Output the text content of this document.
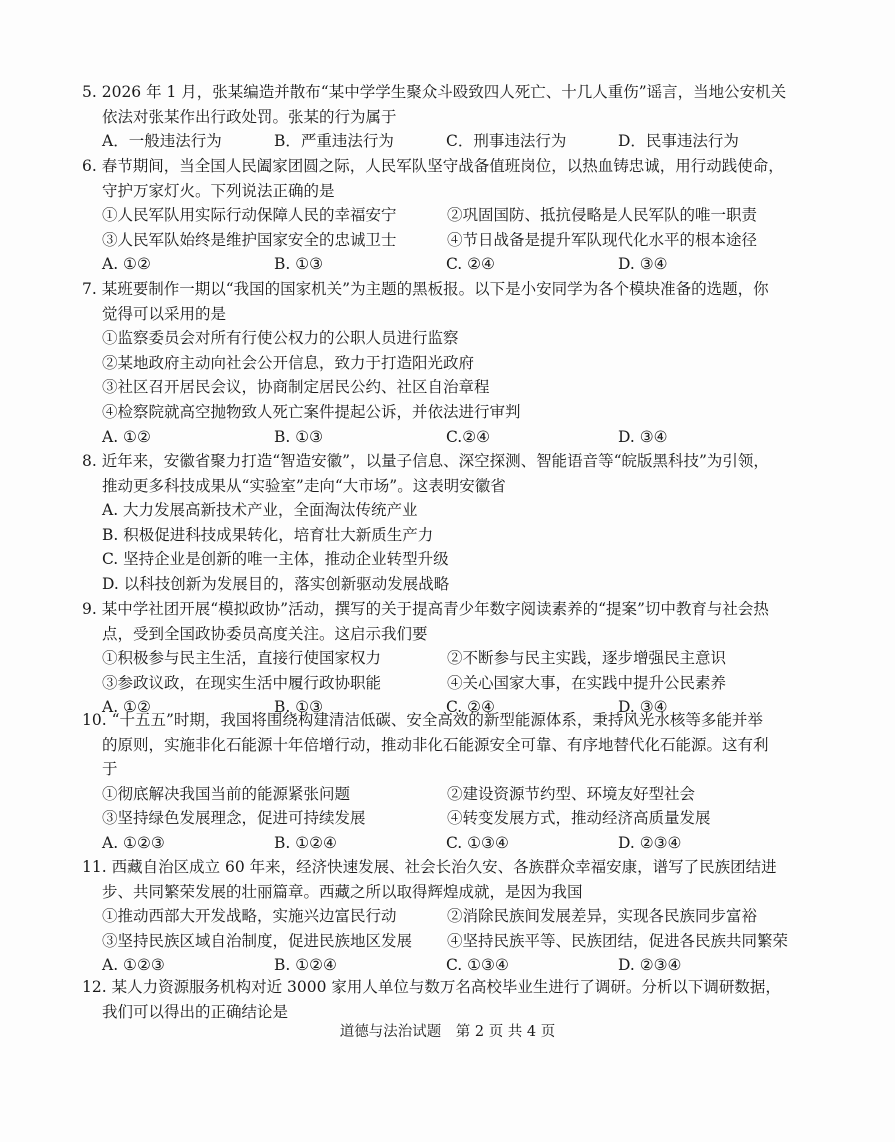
5. 2026 年 1 月，张某编造并散布“某中学学生聚众斗殴致四人死亡、十几人重伤”谣言，当地公安机关
依法对张某作出行政处罚。张某的行为属于
A．一般违法行为	B．严重违法行为	C．刑事违法行为	D．民事违法行为
6. 春节期间，当全国人民阖家团圆之际，人民军队坚守战备值班岗位，以热血铸忠诚，用行动践使命，
守护万家灯火。下列说法正确的是
①人民军队用实际行动保障人民的幸福安宁	②巩固国防、抵抗侵略是人民军队的唯一职责
③人民军队始终是维护国家安全的忠诚卫士	④节日战备是提升军队现代化水平的根本途径
A. ①②	B. ①③	C. ②④	D. ③④
7. 某班要制作一期以“我国的国家机关”为主题的黑板报。以下是小安同学为各个模块准备的选题，你
觉得可以采用的是
①监察委员会对所有行使公权力的公职人员进行监察
②某地政府主动向社会公开信息，致力于打造阳光政府
③社区召开居民会议，协商制定居民公约、社区自治章程
④检察院就高空抛物致人死亡案件提起公诉，并依法进行审判
A. ①②	B. ①③	C.②④	D. ③④
8. 近年来，安徽省聚力打造“智造安徽”，以量子信息、深空探测、智能语音等“皖版黑科技”为引领，
推动更多科技成果从“实验室”走向“大市场”。这表明安徽省
A. 大力发展高新技术产业，全面淘汰传统产业
B. 积极促进科技成果转化，培育壮大新质生产力
C. 坚持企业是创新的唯一主体，推动企业转型升级
D. 以科技创新为发展目的，落实创新驱动发展战略
9. 某中学社团开展“模拟政协”活动，撰写的关于提高青少年数字阅读素养的“提案”切中教育与社会热
点，受到全国政协委员高度关注。这启示我们要
①积极参与民主生活，直接行使国家权力	②不断参与民主实践，逐步增强民主意识
③参政议政，在现实生活中履行政协职能	④关心国家大事，在实践中提升公民素养
A. ①②	B. ①③	C. ②④	D. ③④
10. “十五五”时期，我国将围绕构建清洁低碳、安全高效的新型能源体系，秉持风光水核等多能并举
的原则，实施非化石能源十年倍增行动，推动非化石能源安全可靠、有序地替代化石能源。这有利
于
①彻底解决我国当前的能源紧张问题	②建设资源节约型、环境友好型社会
③坚持绿色发展理念，促进可持续发展	④转变发展方式，推动经济高质量发展
A. ①②③	B. ①②④	C. ①③④	D. ②③④
11. 西藏自治区成立 60 年来，经济快速发展、社会长治久安、各族群众幸福安康，谱写了民族团结进
步、共同繁荣发展的壮丽篇章。西藏之所以取得辉煌成就，是因为我国
①推动西部大开发战略，实施兴边富民行动	②消除民族间发展差异，实现各民族同步富裕
③坚持民族区域自治制度，促进民族地区发展	④坚持民族平等、民族团结，促进各民族共同繁荣
A. ①②③	B. ①②④	C. ①③④	D. ②③④
12. 某人力资源服务机构对近 3000 家用人单位与数万名高校毕业生进行了调研。分析以下调研数据，
我们可以得出的正确结论是
道德与法治试题　第 2 页 共 4 页
